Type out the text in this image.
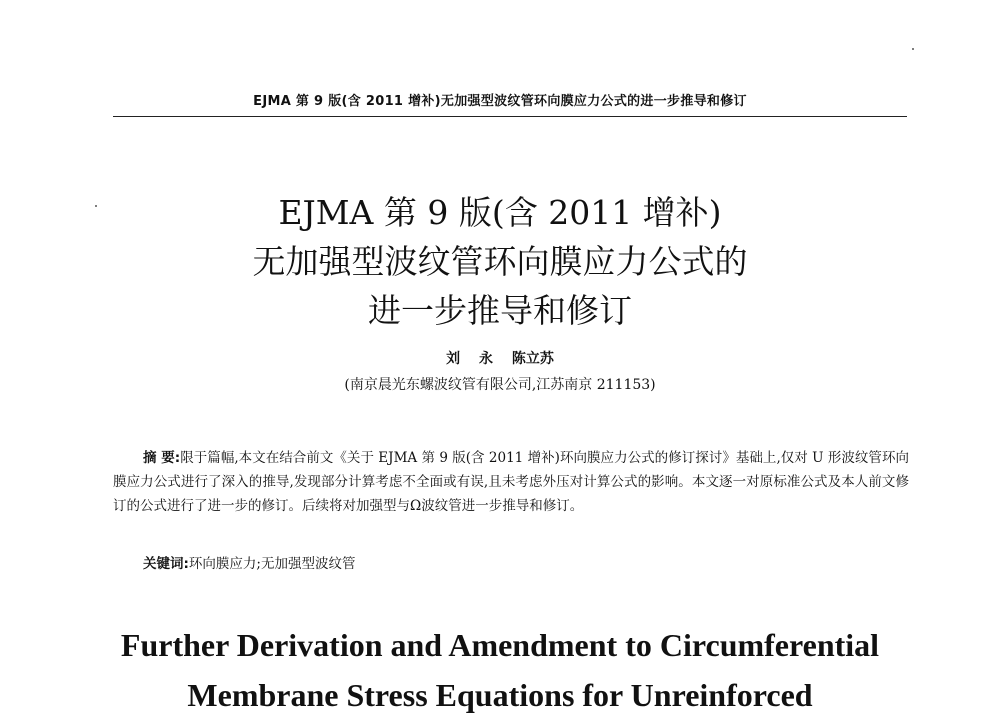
EJMA 第 9 版(含 2011 增补)无加强型波纹管环向膜应力公式的进一步推导和修订
EJMA 第 9 版(含 2011 增补)
无加强型波纹管环向膜应力公式的
进一步推导和修订
刘 永 陈立苏
(南京晨光东螺波纹管有限公司,江苏南京 211153)
摘 要:限于篇幅,本文在结合前文《关于 EJMA 第 9 版(含 2011 增补)环向膜应力公式的修订探讨》基础上,仅对 U 形波纹管环向膜应力公式进行了深入的推导,发现部分计算考虑不全面或有误,且未考虑外压对计算公式的影响。本文逐一对原标准公式及本人前文修订的公式进行了进一步的修订。后续将对加强型与Ω波纹管进一步推导和修订。
关键词:环向膜应力;无加强型波纹管
Further Derivation and Amendment to Circumferential
Membrane Stress Equations for Unreinforced
